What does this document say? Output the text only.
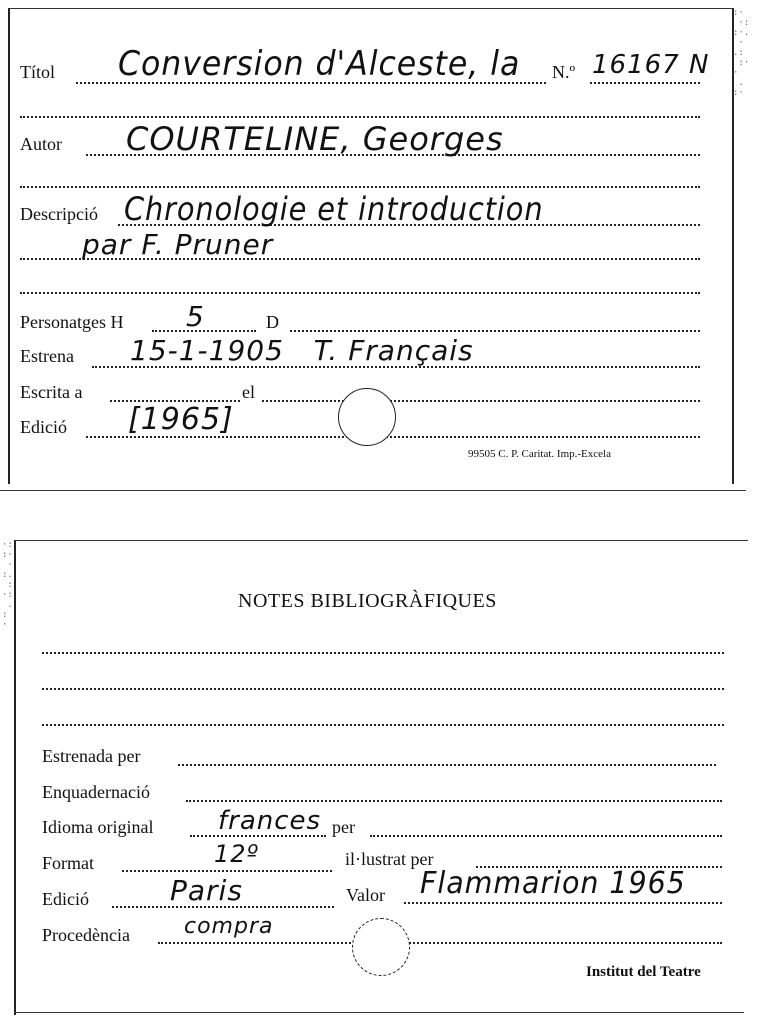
:·
·:
:·.
·
.:
:·
·
.
:·
Títol Conversion d'Alceste, la N.º 16167 N
Autor COURTELINE, Georges
Descripció Chronologie et introduction
par F. Pruner
Personatges H 5	D
Estrena 15-1-1905   T. Français
Escrita a	el
Edició [1965]
99505 C. P. Caritat. Imp.-Excela
·:
:·
·
:.
:
·:
.
:
·
NOTES BIBLIOGRÀFIQUES
Estrenada per
Enquadernació
Idioma original frances per
Format	12º	il·lustrat per
Edició	Paris	Valor Flammarion 1965
Procedència compra
Institut del Teatre
